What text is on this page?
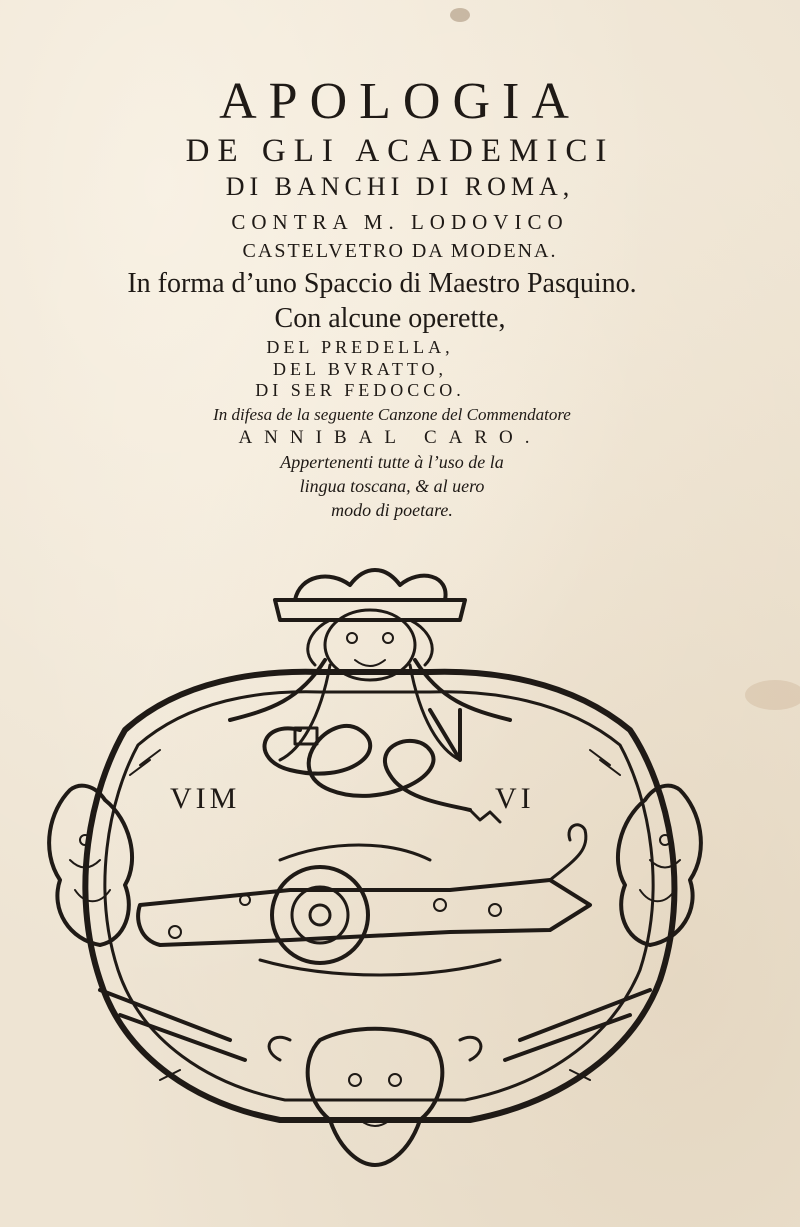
APOLOGIA

DE GLI ACADEMICI

DI BANCHI DI ROMA,

CONTRA M. LODOVICO

CASTELVETRO DA MODENA.

In forma d’uno Spaccio di Maestro Pasquino.

Con alcune operette,

DEL PREDELLA,

DEL BVRATTO,

DI SER FEDOCCO.

In difesa de la seguente Canzone del Commendatore

ANNIBAL CARO.

Appertenenti tutte à l’uso de la

lingua toscana, & al uero

modo di poetare.

VIM	VI
